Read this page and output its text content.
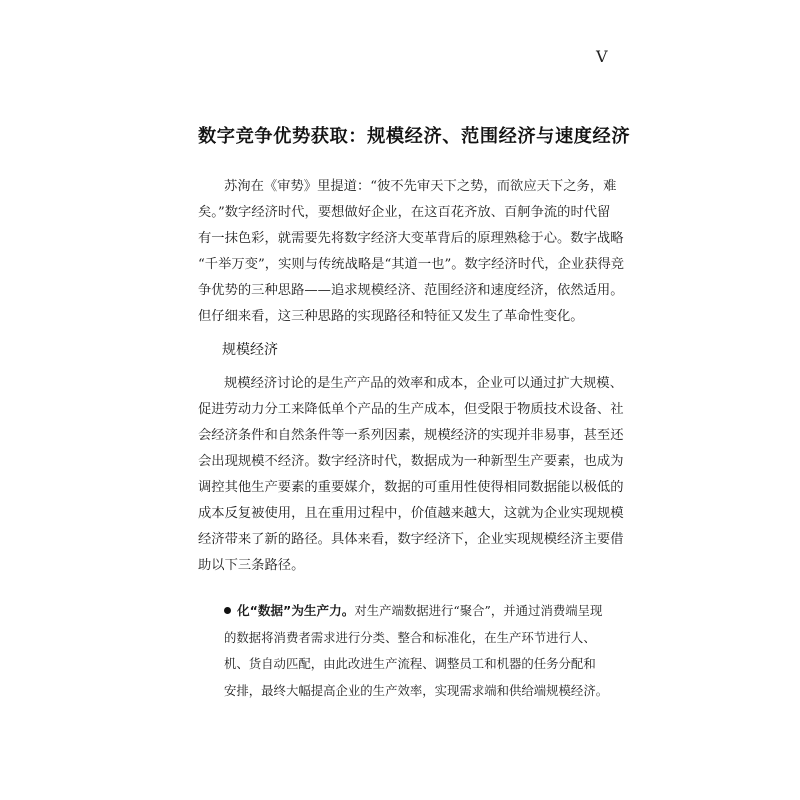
V
数字竞争优势获取：规模经济、范围经济与速度经济

苏洵在《审势》里提道：“彼不先审天下之势，而欲应天下之务，难

矣。”数字经济时代，要想做好企业，在这百花齐放、百舸争流的时代留

有一抹色彩，就需要先将数字经济大变革背后的原理熟稔于心。数字战略

“千举万变”，实则与传统战略是“其道一也”。数字经济时代，企业获得竞

争优势的三种思路——追求规模经济、范围经济和速度经济，依然适用。

但仔细来看，这三种思路的实现路径和特征又发生了革命性变化。

规模经济

规模经济讨论的是生产产品的效率和成本，企业可以通过扩大规模、

促进劳动力分工来降低单个产品的生产成本，但受限于物质技术设备、社

会经济条件和自然条件等一系列因素，规模经济的实现并非易事，甚至还

会出现规模不经济。数字经济时代，数据成为一种新型生产要素，也成为

调控其他生产要素的重要媒介，数据的可重用性使得相同数据能以极低的

成本反复被使用，且在重用过程中，价值越来越大，这就为企业实现规模

经济带来了新的路径。具体来看，数字经济下，企业实现规模经济主要借

助以下三条路径。

化“数据”为生产力。对生产端数据进行“聚合”，并通过消费端呈现

的数据将消费者需求进行分类、整合和标准化，在生产环节进行人、

机、货自动匹配，由此改进生产流程、调整员工和机器的任务分配和

安排，最终大幅提高企业的生产效率，实现需求端和供给端规模经济。
